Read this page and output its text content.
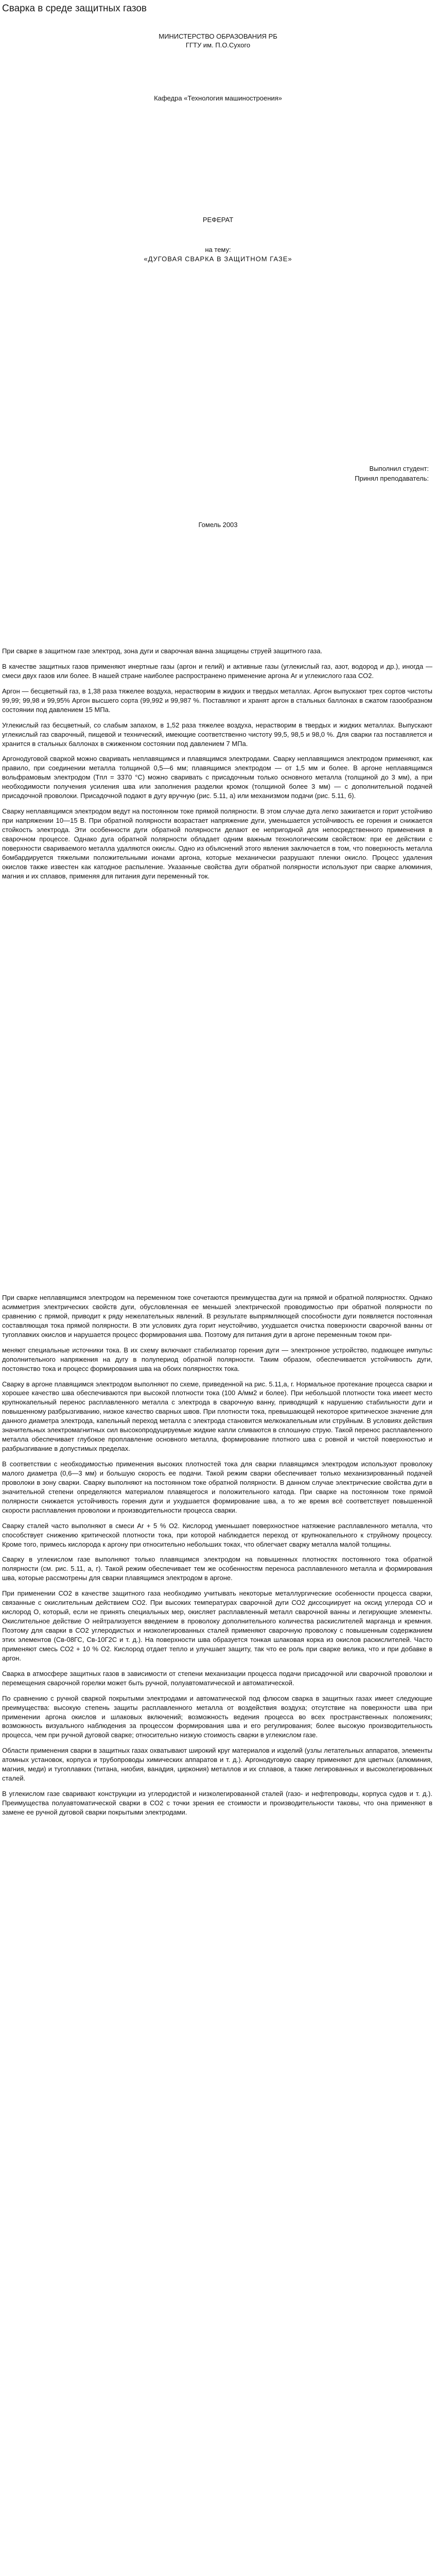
Сварка в среде защитных газов
МИНИСТЕРСТВО ОБРАЗОВАНИЯ РБ
ГГТУ им. П.О.Сухого
Кафедра «Технология машиностроения»
РЕФЕРАТ
на тему:
«ДУГОВАЯ СВАРКА В ЗАЩИТНОМ ГАЗЕ»
Выполнил студент:
Принял преподаватель:
Гомель 2003

При сварке в защитном газе электрод, зона дуги и сварочная ванна защищены струей защитного газа.

В качестве защитных газов применяют инертные газы (аргон и гелий) и активные газы (углекислый газ, азот, водород и др.), иногда — смеси двух газов или более. В нашей стране наиболее распространено применение аргона Ar и углекислого газа СО2.

Аргон — бесцветный газ, в 1,38 раза тяжелее воздуха, нерастворим в жидких и твердых металлах. Аргон выпускают трех сортов чистоты 99,99; 99,98 и 99,95% Аргон высшего сорта (99,992 и 99,987 %. Поставляют и хранят аргон в стальных баллонах в сжатом газообразном состоянии под давлением 15 МПа.

Углекислый газ бесцветный, со слабым запахом, в 1,52 раза тяжелее воздуха, нерастворим в твердых и жидких металлах. Выпускают углекислый газ сварочный, пищевой и технический, имеющие соответственно чистоту 99,5, 98,5 и 98,0 %. Для сварки газ поставляется и хранится в стальных баллонах в сжиженном состоянии под давлением 7 МПа.

Аргонодуговой сваркой можно сваривать неплавящимся и плавящимся электродами. Сварку неплавящимся электродом применяют, как правило, при соединении металла толщиной 0,5—6 мм; плавящимся электродом — от 1,5 мм и более. В аргоне неплавящимся вольфрамовым электродом (Tпл = 3370 °С) можно сваривать с присадочным только основного металла (толщиной до 3 мм), а при необходимости получения усиления шва или заполнения разделки кромок (толщиной более 3 мм) — с дополнительной подачей присадочной проволоки. Присадочной подают в дугу вручную (рис. 5.11, а) или механизмом подачи (рис. 5.11, б).

Сварку неплавящимся электродом ведут на постоянном токе прямой полярности. В этом случае дуга легко зажигается и горит устойчиво при напряжении 10—15 В. При обратной полярности возрастает напряжение дуги, уменьшается устойчивость ее горения и снижается стойкость электрода. Эти особенности дуги обратной полярности делают ее непригодной для непосредственного применения в сварочном процессе. Однако дуга обратной полярности обладает одним важным технологическим свойством: при ее действии с поверхности свариваемого металла удаляются окислы. Одно из объяснений этого явления заключается в том, что поверхность металла бомбардируется тяжелыми положительными ионами аргона, которые механически разрушают пленки окисло. Процесс удаления окислов также известен как катодное распыление. Указанные свойства дуги обратной полярности используют при сварке алюминия, магния и их сплавов, применяя для питания дуги переменный ток.

При сварке неплавящимся электродом на переменном токе сочетаются преимущества дуги на прямой и обратной полярностях. Однако асимметрия электрических свойств дуги, обусловленная ее меньшей электрической проводимостью при обратной полярности по сравнению с прямой, приводит к ряду нежелательных явлений. В результате выпрямляющей способности дуги появляется постоянная составляющая тока прямой полярности. В эти условиях дуга горит неустойчиво, ухудшается очистка поверхности сварочной ванны от тугоплавких окислов и нарушается процесс формирования шва. Поэтому для питания дуги в аргоне переменным током при-

меняют специальные источники тока. В их схему включают стабилизатор горения дуги — электронное устройство, подающее импульс дополнительного напряжения на дугу в полупериод обратной полярности. Таким образом, обеспечивается устойчивость дуги, постоянство тока и процесс формирования шва на обоих полярностях тока.

Сварку в аргоне плавящимся электродом выполняют по схеме, приведенной на рис. 5.11,а, г. Нормальное протекание процесса сварки и хорошее качество шва обеспечиваются при высокой плотности тока (100 А/мм2 и более). При небольшой плотности тока имеет место крупнокапельный перенос расплавленного металла с электрода в сварочную ванну, приводящий к нарушению стабильности дуги и повышенному разбрызгиванию, низкое качество сварных швов. При плотности тока, превышающей некоторое критическое значение для данного диаметра электрода, капельный переход металла с электрода становится мелкокапельным или струйным. В условиях действия значительных электромагнитных сил высокопродуцируемые жидкие капли сливаются в сплошную струю. Такой перенос расплавленного металла обеспечивает глубокое проплавление основного металла, формирование плотного шва с ровной и чистой поверхностью и разбрызгивание в допустимых пределах.

В соответствии с необходимостью применения высоких плотностей тока для сварки плавящимся электродом используют проволоку малого диаметра (0,6—3 мм) и большую скорость ее подачи. Такой режим сварки обеспечивает только механизированный подачей проволоки в зону сварки. Сварку выполняют на постоянном токе обратной полярности. В данном случае электрические свойства дуги в значительной степени определяются материалом плавящегося и положительного катода. При сварке на постоянном токе прямой полярности снижается устойчивость горения дуги и ухудшается формирование шва, а то же время всё соответствует повышенной скорости расплавления проволоки и производительности процесса сварки.

Сварку сталей часто выполняют в смеси Ar + 5 % О2. Кислород уменьшает поверхностное натяжение расплавленного металла, что способствует снижению критической плотности тока, при которой наблюдается переход от крупнокапельного к струйному процессу. Кроме того, примесь кислорода к аргону при относительно небольших токах, что облегчает сварку металла малой толщины.

Сварку в углекислом газе выполняют только плавящимся электродом на повышенных плотностях постоянного тока обратной полярности (см. рис. 5.11, а, г). Такой режим обеспечивает тем же особенностям переноса расплавленного металла и формирования шва, которые рассмотрены для сварки плавящимся электродом в аргоне.

При применении СО2 в качестве защитного газа необходимо учитывать некоторые металлургические особенности процесса сварки, связанные с окислительным действием СО2. При высоких температурах сварочной дуги СО2 диссоциирует на оксид углерода СО и кислород О, который, если не принять специальных мер, окисляет расплавленный металл сварочной ванны и легирующие элементы. Окислительное действие О нейтрализуется введением в проволоку дополнительного количества раскислителей марганца и кремния. Поэтому для сварки в СО2 углеродистых и низколегированных сталей применяют сварочную проволоку с повышенным содержанием этих элементов (Св-08ГС, Св-10Г2С и т. д.). На поверхности шва образуется тонкая шлаковая корка из окислов раскислителей. Часто применяют смесь СО2 + 10 % О2. Кислород отдает тепло и улучшает защиту, так что ее роль при сварке велика, что и при добавке в аргон.

Сварка в атмосфере защитных газов в зависимости от степени механизации процесса подачи присадочной или сварочной проволоки и перемещения сварочной горелки может быть ручной, полуавтоматической и автоматической.

По сравнению с ручной сваркой покрытыми электродами и автоматической под флюсом сварка в защитных газах имеет следующие преимущества: высокую степень защиты расплавленного металла от воздействия воздуха; отсутствие на поверхности шва при применении аргона окислов и шлаковых включений; возможность ведения процесса во всех пространственных положениях; возможность визуального наблюдения за процессом формирования шва и его регулирования; более высокую производительность процесса, чем при ручной дуговой сварке; относительно низкую стоимость сварки в углекислом газе.

Области применения сварки в защитных газах охватывают широкий круг материалов и изделий (узлы летательных аппаратов, элементы атомных установок, корпуса и трубопроводы химических аппаратов и т. д.). Аргонодуговую сварку применяют для цветных (алюминия, магния, меди) и тугоплавких (титана, ниобия, ванадия, циркония) металлов и их сплавов, а также легированных и высоколегированных сталей.

В углекислом газе сваривают конструкции из углеродистой и низколегированной сталей (газо- и нефтепроводы, корпуса судов и т. д.). Преимущества полуавтоматической сварки в СО2 с точки зрения ее стоимости и производительности таковы, что она применяют в замене ее ручной дуговой сварки покрытыми электродами.
